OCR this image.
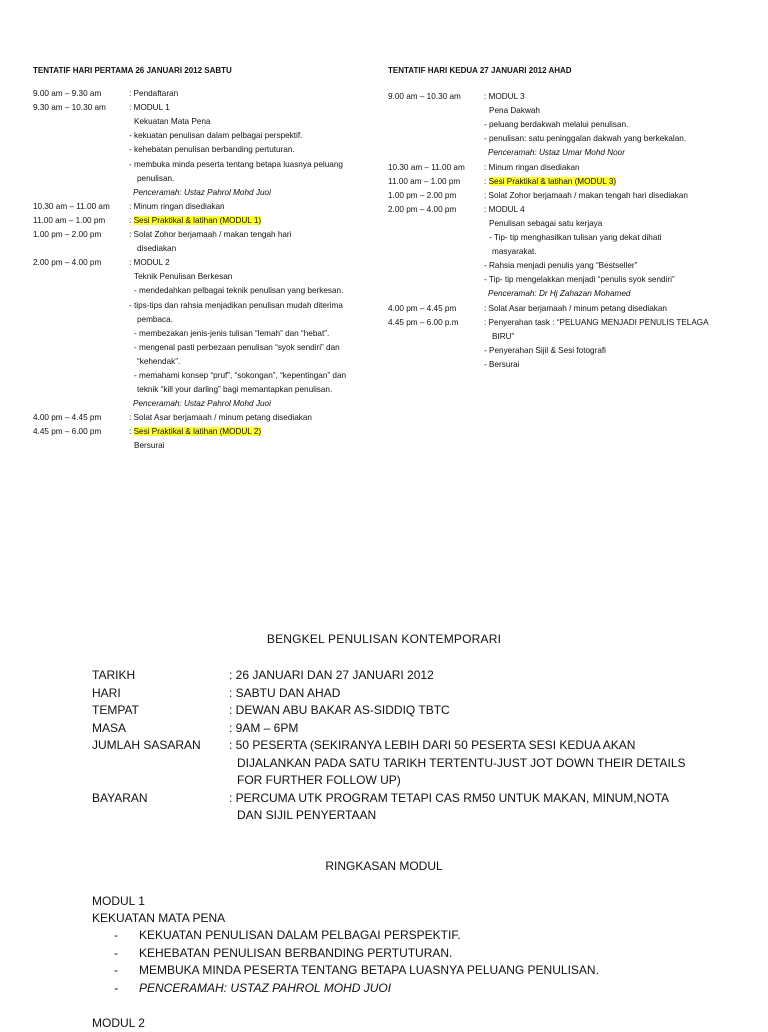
TENTATIF HARI PERTAMA 26 JANUARI 2012 SABTU
9.00 am – 9.30 am	: Pendaftaran
9.30 am – 10.30 am	: MODUL 1
Kekuatan Mata Pena
- kekuatan penulisan dalam pelbagai perspektif.
- kehebatan penulisan berbanding pertuturan.
- membuka minda peserta tentang betapa luasnya peluang
penulisan.
Penceramah: Ustaz Pahrol Mohd Juoi
10.30 am – 11.00 am	: Minum ringan disediakan
11.00 am – 1.00 pm	: Sesi Praktikal & latihan (MODUL 1)
1.00 pm – 2.00 pm	: Solat Zohor berjamaah / makan tengah hari
disediakan
2.00 pm – 4.00 pm	: MODUL 2
Teknik Penulisan Berkesan
- mendedahkan pelbagai teknik penulisan yang berkesan.
- tips-tips dan rahsia menjadikan penulisan mudah diterima
pembaca.
- membezakan jenis-jenis tulisan “lemah” dan “hebat”.
- mengenal pasti perbezaan penulisan “syok sendiri” dan
“kehendak”.
- memahami konsep “pruf”, “sokongan”, “kepentingan” dan
teknik “kill your darling” bagi memantapkan penulisan.
Penceramah: Ustaz Pahrol Mohd Juoi
4.00 pm – 4.45 pm	: Solat Asar berjamaah / minum petang disediakan
4.45 pm – 6.00 pm	: Sesi Praktikal & latihan (MODUL 2)
Bersurai
TENTATIF HARI KEDUA 27 JANUARI 2012 AHAD
9.00 am – 10.30 am	: MODUL 3
Pena Dakwah
- peluang berdakwah melalui penulisan.
- penulisan: satu peninggalan dakwah yang berkekalan.
Penceramah: Ustaz Umar Mohd Noor
10.30 am – 11.00 am	: Minum ringan disediakan
11.00 am – 1.00 pm	: Sesi Praktikal & latihan (MODUL 3)
1.00 pm – 2.00 pm	: Solat Zohor berjamaah / makan tengah hari disediakan
2.00 pm – 4.00 pm	: MODUL 4
Penulisan sebagai satu kerjaya
- Tip- tip menghasilkan tulisan yang dekat dihati
masyarakat.
- Rahsia menjadi penulis yang “Bestseller”
- Tip- tip mengelakkan menjadi “penulis syok sendiri”
Penceramah: Dr Hj Zahazan Mohamed
4.00 pm – 4.45 pm	: Solat Asar berjamaah / minum petang disediakan
4.45 pm – 6.00 p.m	: Penyerahan task : “PELUANG MENJADI PENULIS TELAGA
BIRU”
- Penyerahan Sijil & Sesi fotografi
- Bersurai
BENGKEL PENULISAN KONTEMPORARI
TARIKH	: 26 JANUARI DAN 27 JANUARI 2012
HARI	: SABTU DAN AHAD
TEMPAT	: DEWAN ABU BAKAR AS-SIDDIQ TBTC
MASA	: 9AM – 6PM
JUMLAH SASARAN	: 50 PESERTA (SEKIRANYA LEBIH DARI 50 PESERTA SESI KEDUA AKAN
DIJALANKAN PADA SATU TARIKH TERTENTU-JUST JOT DOWN THEIR DETAILS
FOR FURTHER FOLLOW UP)
BAYARAN	: PERCUMA UTK PROGRAM TETAPI CAS RM50 UNTUK MAKAN, MINUM,NOTA
DAN SIJIL PENYERTAAN
RINGKASAN MODUL
MODUL 1
KEKUATAN MATA PENA
-	KEKUATAN PENULISAN DALAM PELBAGAI PERSPEKTIF.
-	KEHEBATAN PENULISAN BERBANDING PERTUTURAN.
-	MEMBUKA MINDA PESERTA TENTANG BETAPA LUASNYA PELUANG PENULISAN.
-	PENCERAMAH: USTAZ PAHROL MOHD JUOI
MODUL 2
